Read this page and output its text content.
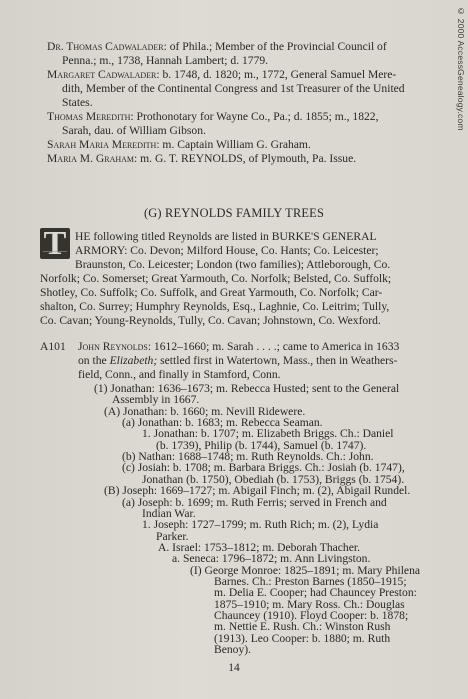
© 2000 AccessGenealogy.com
Dr. Thomas Cadwalader: of Phila.; Member of the Provincial Council of
Penna.; m., 1738, Hannah Lambert; d. 1779.
Margaret Cadwalader: b. 1748, d. 1820; m., 1772, General Samuel Mere-
dith, Member of the Continental Congress and 1st Treasurer of the United
States.
Thomas Meredith: Prothonotary for Wayne Co., Pa.; d. 1855; m., 1822,
Sarah, dau. of William Gibson.
Sarah Maria Meredith: m. Captain William G. Graham.
Maria M. Graham: m. G. T. REYNOLDS, of Plymouth, Pa. Issue.
(G) REYNOLDS FAMILY TREES
T HE following titled Reynolds are listed in BURKE'S GENERAL
ARMORY: Co. Devon; Milford House, Co. Hants; Co. Leicester;
Braunston, Co. Leicester; London (two families); Attleborough, Co.
Norfolk; Co. Somerset; Great Yarmouth, Co. Norfolk; Belsted, Co. Suffolk;
Shotley, Co. Suffolk; Co. Suffolk, and Great Yarmouth, Co. Norfolk; Car-
shalton, Co. Surrey; Humphry Reynolds, Esq., Laghnie, Co. Leitrim; Tully,
Co. Cavan; Young-Reynolds, Tully, Co. Cavan; Johnstown, Co. Wexford.
A101 John Reynolds: 1612–1660; m. Sarah . . . .; came to America in 1633
on the Elizabeth; settled first in Watertown, Mass., then in Weathers-
field, Conn., and finally in Stamford, Conn.
(1) Jonathan: 1636–1673; m. Rebecca Husted; sent to the General
Assembly in 1667.
(A) Jonathan: b. 1660; m. Nevill Ridewere.
(a) Jonathan: b. 1683; m. Rebecca Seaman.
1. Jonathan: b. 1707; m. Elizabeth Briggs. Ch.: Daniel
(b. 1739), Philip (b. 1744), Samuel (b. 1747).
(b) Nathan: 1688–1748; m. Ruth Reynolds. Ch.: John.
(c) Josiah: b. 1708; m. Barbara Briggs. Ch.: Josiah (b. 1747),
Jonathan (b. 1750), Obediah (b. 1753), Briggs (b. 1754).
(B) Joseph: 1669–1727; m. Abigail Finch; m. (2), Abigail Rundel.
(a) Joseph: b. 1699; m. Ruth Ferris; served in French and
Indian War.
1. Joseph: 1727–1799; m. Ruth Rich; m. (2), Lydia
Parker.
A. Israel: 1753–1812; m. Deborah Thacher.
a. Seneca: 1796–1872; m. Ann Livingston.
(I) George Monroe: 1825–1891; m. Mary Philena
Barnes. Ch.: Preston Barnes (1850–1915;
m. Delia E. Cooper; had Chauncey Preston:
1875–1910; m. Mary Ross. Ch.: Douglas
Chauncey (1910). Floyd Cooper: b. 1878;
m. Nettie E. Rush. Ch.: Winston Rush
(1913). Leo Cooper: b. 1880; m. Ruth
Benoy).
14
